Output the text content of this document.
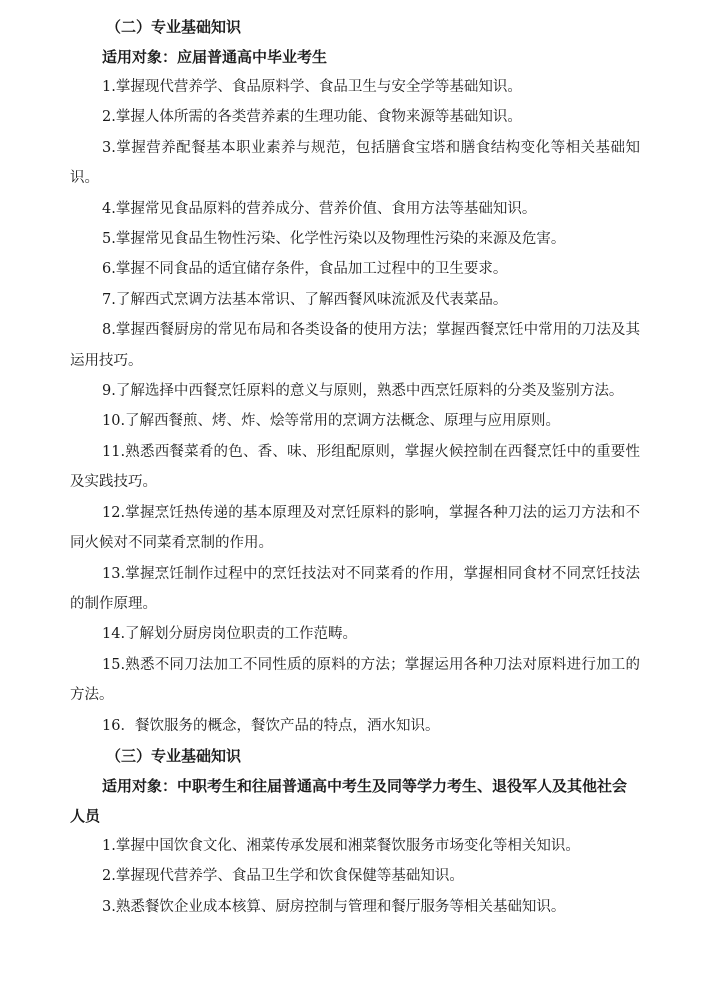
（二）专业基础知识
适用对象：应届普通高中毕业考生
1.掌握现代营养学、食品原料学、食品卫生与安全学等基础知识。
2.掌握人体所需的各类营养素的生理功能、食物来源等基础知识。
3.掌握营养配餐基本职业素养与规范，包括膳食宝塔和膳食结构变化等相关基础知识。
4.掌握常见食品原料的营养成分、营养价值、食用方法等基础知识。
5.掌握常见食品生物性污染、化学性污染以及物理性污染的来源及危害。
6.掌握不同食品的适宜储存条件，食品加工过程中的卫生要求。
7.了解西式烹调方法基本常识、了解西餐风味流派及代表菜品。
8.掌握西餐厨房的常见布局和各类设备的使用方法；掌握西餐烹饪中常用的刀法及其运用技巧。
9.了解选择中西餐烹饪原料的意义与原则，熟悉中西烹饪原料的分类及鉴别方法。
10.了解西餐煎、烤、炸、烩等常用的烹调方法概念、原理与应用原则。
11.熟悉西餐菜肴的色、香、味、形组配原则，掌握火候控制在西餐烹饪中的重要性及实践技巧。
12.掌握烹饪热传递的基本原理及对烹饪原料的影响，掌握各种刀法的运刀方法和不同火候对不同菜肴烹制的作用。
13.掌握烹饪制作过程中的烹饪技法对不同菜肴的作用，掌握相同食材不同烹饪技法的制作原理。
14.了解划分厨房岗位职责的工作范畴。
15.熟悉不同刀法加工不同性质的原料的方法；掌握运用各种刀法对原料进行加工的方法。
16．餐饮服务的概念，餐饮产品的特点，酒水知识。
（三）专业基础知识
适用对象：中职考生和往届普通高中考生及同等学力考生、退役军人及其他社会人员
1.掌握中国饮食文化、湘菜传承发展和湘菜餐饮服务市场变化等相关知识。
2.掌握现代营养学、食品卫生学和饮食保健等基础知识。
3.熟悉餐饮企业成本核算、厨房控制与管理和餐厅服务等相关基础知识。
